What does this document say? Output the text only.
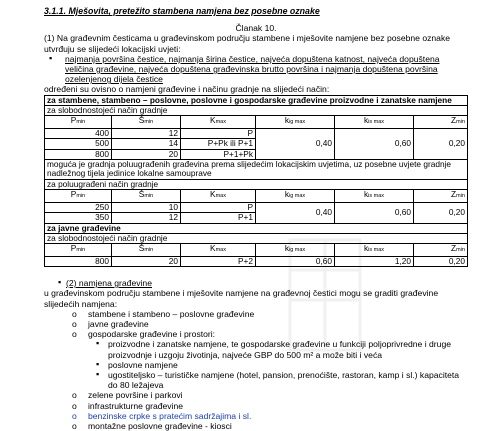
3.1.1. Mješovita, pretežito stambena namjena bez posebne oznake

Članak 10.

(1) Na građevnim česticama u građevinskom području stambene i mješovite namjene bez posebne oznake utvrđuju se slijedeći lokacijski uvjeti:

▪ najmanja površina čestice, najmanja širina čestice, najveća dopuštena katnost, najveća dopuštena veličina građevine, najveća dopuštena građevinska brutto površina i najmanja dopuštena površina ozelenjenog dijela čestice

određeni su ovisno o namjeni građevine i načinu gradnje na slijedeći način:

za stambene, stambeno – poslovne, poslovne i gospodarske građevine proizvodne i zanatske namjene					
za slobodnostojeći način gradnje					
Pmin	Šmin	Kmax	kig max	kis max	Zmin
400	12	P	0,40	0,60	0,20
500	14	P+Pk ili P+1			
800	20	P+1+Pk			
moguća je gradnja poluugrađenih građevina prema slijedećim lokacijskim uvjetima, uz posebne uvjete gradnje nadležnog tijela jedinice lokalne samouprave					
za poluugrađeni način gradnje					
Pmin	Šmin	Kmax	kig max	kis max	Zmin
250	10	P	0,40	0,60	0,20
350	12	P+1			
za javne građevine					
za slobodnostojeći način gradnje					
Pmin	Šmin	Kmax	kig max	kis max	Zmin
800	20	P+2	0,60	1,20	0,20

▪ (2) namjena građevine

u građevinskom području stambene i mješovite namjene na građevnoj čestici mogu se graditi građevine slijedećih namjena:

o stambene i stambeno – poslovne građevine

o javne građevine

o gospodarske građevine i prostori:

▪ proizvodne i zanatske namjene, te gospodarske građevine u funkciji poljoprivredne i druge proizvodnje i uzgoju životinja, najveće GBP do 500 m² a može biti i veća

▪ poslovne namjene

▪ ugostiteljsko – turističke namjene (hotel, pansion, prenoćište, rastoran, kamp i sl.) kapaciteta do 80 ležajeva

o zelene površine i parkovi

o infrastrukturne građevine

o benzinske crpke s pratećim sadržajima i sl.

o montažne poslovne građevine - kiosci
